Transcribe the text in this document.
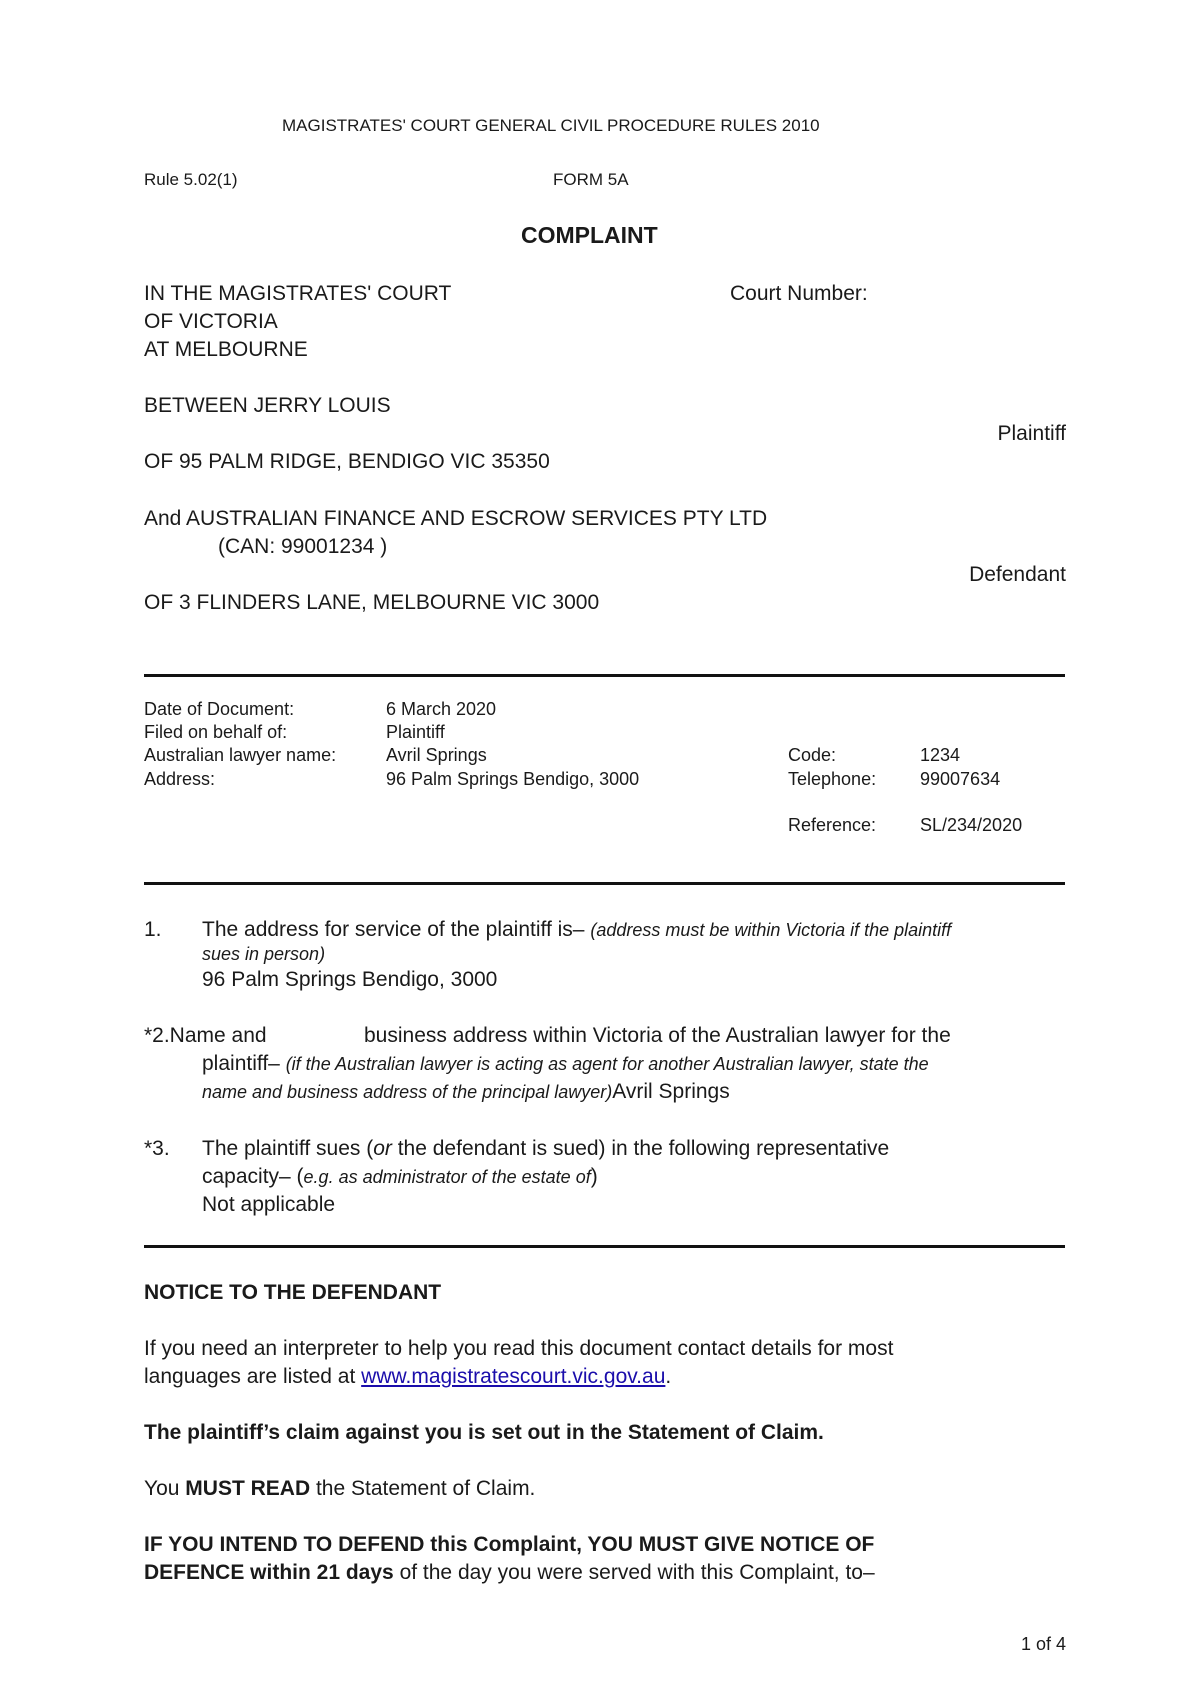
MAGISTRATES' COURT GENERAL CIVIL PROCEDURE RULES 2010
Rule 5.02(1)	FORM 5A
COMPLAINT
IN THE MAGISTRATES' COURT
OF VICTORIA
AT MELBOURNE
Court Number:
BETWEEN JERRY LOUIS
Plaintiff
OF 95 PALM RIDGE, BENDIGO VIC 35350
And AUSTRALIAN FINANCE AND ESCROW SERVICES PTY LTD
(CAN: 99001234 )
Defendant
OF 3 FLINDERS LANE, MELBOURNE VIC 3000
Date of Document:	6 March 2020
Filed on behalf of:	Plaintiff
Australian lawyer name:	Avril Springs	Code:	1234
Address:	96 Palm Springs Bendigo, 3000	Telephone: 99007634
Reference: SL/234/2020
1. The address for service of the plaintiff is– (address must be within Victoria if the plaintiff
sues in person)
96 Palm Springs Bendigo, 3000
*2.Name and	business address within Victoria of the Australian lawyer for the
plaintiff– (if the Australian lawyer is acting as agent for another Australian lawyer, state the
name and business address of the principal lawyer)Avril Springs
*3. The plaintiff sues (or the defendant is sued) in the following representative
capacity– (e.g. as administrator of the estate of)
Not applicable
NOTICE TO THE DEFENDANT
If you need an interpreter to help you read this document contact details for most
languages are listed at www.magistratescourt.vic.gov.au.
The plaintiff’s claim against you is set out in the Statement of Claim.
You MUST READ the Statement of Claim.
IF YOU INTEND TO DEFEND this Complaint, YOU MUST GIVE NOTICE OF
DEFENCE within 21 days of the day you were served with this Complaint, to–
1 of 4
